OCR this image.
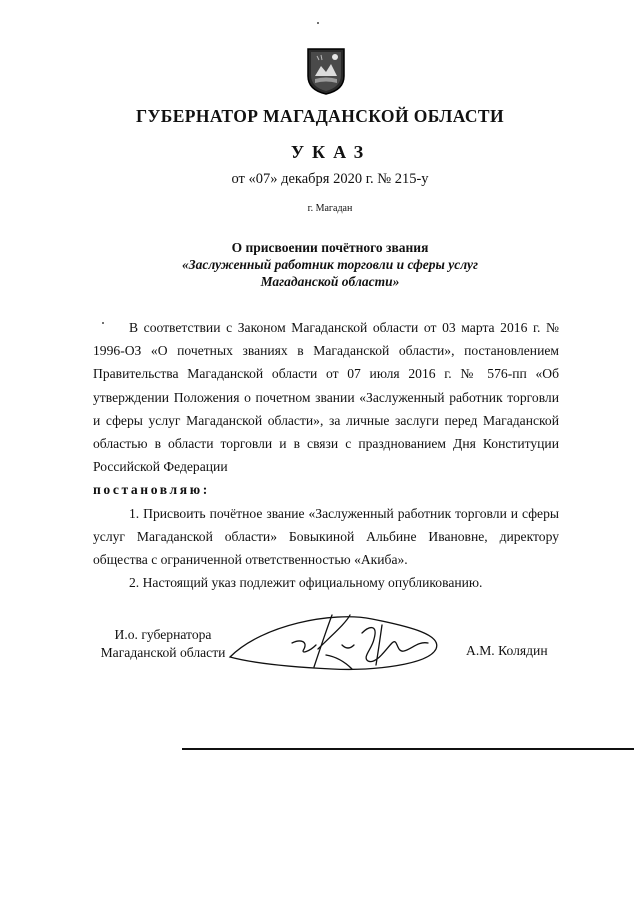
ГУБЕРНАТОР МАГАДАНСКОЙ ОБЛАСТИ
УКАЗ
от «07» декабря 2020 г. № 215-у
г. Магадан
О присвоении почётного звания
«Заслуженный работник торговли и сферы услуг
Магаданской области»

В соответствии с Законом Магаданской области от 03 марта 2016 г. № 1996-ОЗ «О почетных званиях в Магаданской области», постановлением Правительства Магаданской области от 07 июля 2016 г. № 576-пп «Об утверждении Положения о почетном звании «Заслуженный работник торговли и сферы услуг Магаданской области», за личные заслуги перед Магаданской областью в области торговли и в связи с празднованием Дня Конституции Российской Федерации

постановляю:

1. Присвоить почётное звание «Заслуженный работник торговли и сферы услуг Магаданской области» Бовыкиной Альбине Ивановне, директору общества с ограниченной ответственностью «Акиба».

2. Настоящий указ подлежит официальному опубликованию.

И.о. губернатора
Магаданской области	А.М. Колядин
